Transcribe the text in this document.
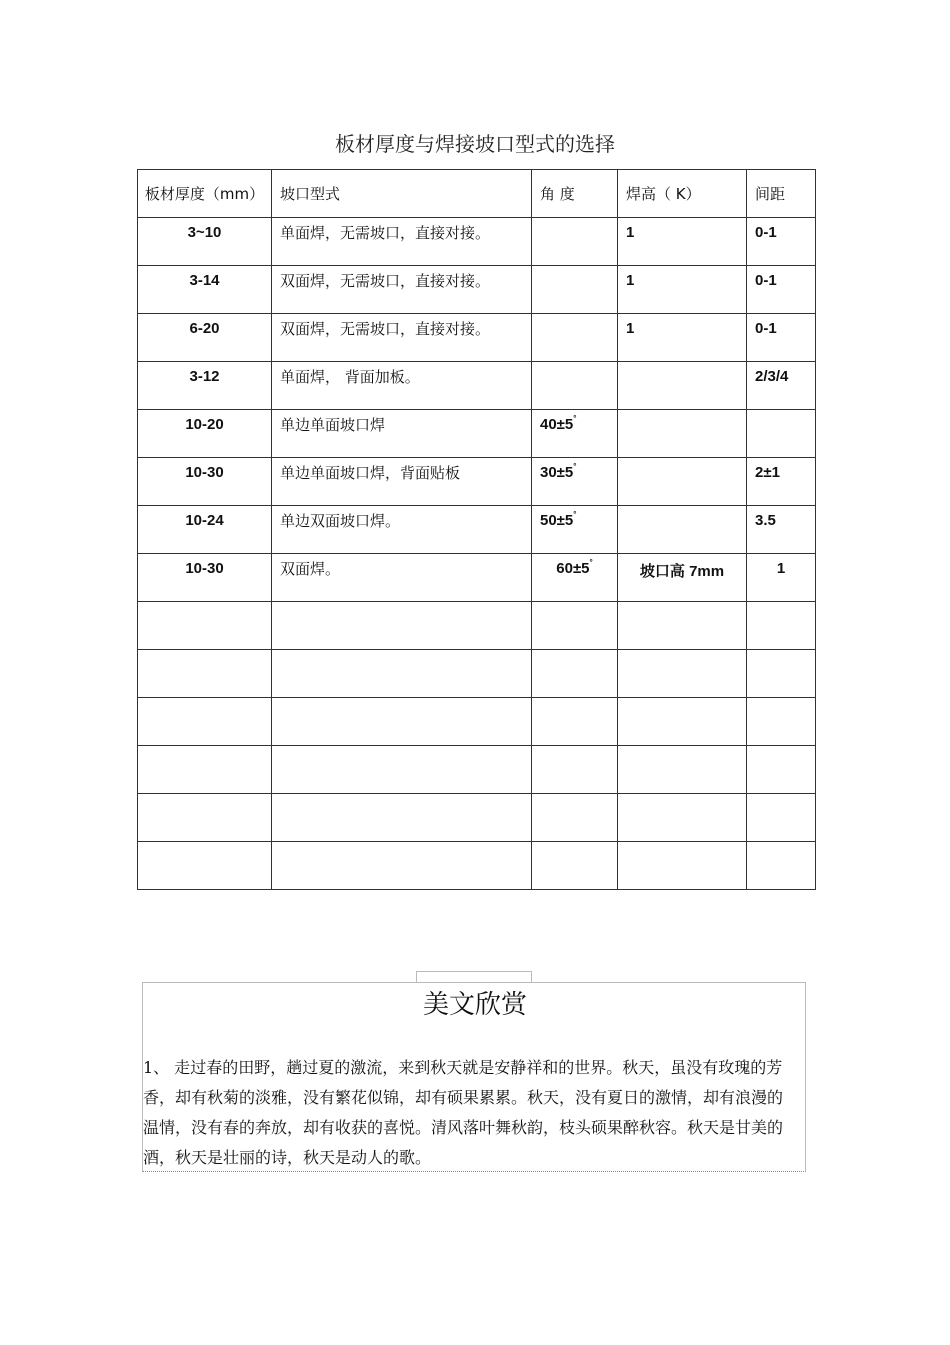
板材厚度与焊接坡口型式的选择
板材厚度（mm）	坡口型式	角 度	焊高（ K）	间距
3~10	单面焊，无需坡口，直接对接。		1	0-1
3-14	双面焊，无需坡口，直接对接。		1	0-1
6-20	双面焊，无需坡口，直接对接。		1	0-1
3-12	单面焊， 背面加板。			2/3/4
10-20	单边单面坡口焊	40±5°		
10-30	单边单面坡口焊，背面贴板	30±5°		2±1
10-24	单边双面坡口焊。	50±5°		3.5
10-30	双面焊。	60±5°	坡口高 7mm	1

美文欣赏
1、 走过春的田野，趟过夏的激流，来到秋天就是安静祥和的世界。秋天，虽没有玫瑰的芳香，却有秋菊的淡雅，没有繁花似锦，却有硕果累累。秋天，没有夏日的激情，却有浪漫的温情，没有春的奔放，却有收获的喜悦。清风落叶舞秋韵，枝头硕果醉秋容。秋天是甘美的酒，秋天是壮丽的诗，秋天是动人的歌。
